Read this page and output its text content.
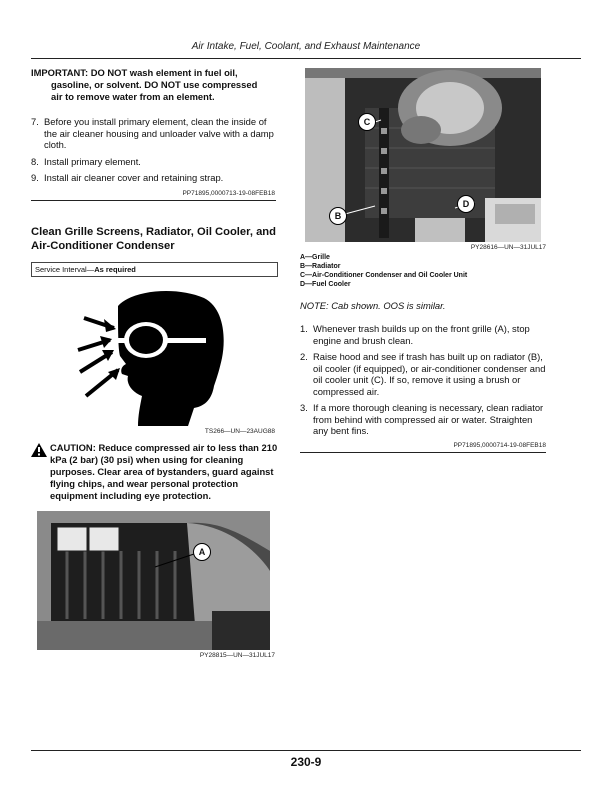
Air Intake, Fuel, Coolant, and Exhaust Maintenance
IMPORTANT: DO NOT wash element in fuel oil,
gasoline, or solvent. DO NOT use compressed
air to remove water from an element.
7. Before you install primary element, clean the inside of the air cleaner housing and unloader valve with a damp cloth.
8. Install primary element.
9. Install air cleaner cover and retaining strap.
PP71895,0000713-19-08FEB18
Clean Grille Screens, Radiator, Oil Cooler, and Air-Conditioner Condenser
Service Interval—As required
TS266—UN—23AUG88
CAUTION: Reduce compressed air to less than 210 kPa (2 bar) (30 psi) when using for cleaning purposes. Clear area of bystanders, guard against flying chips, and wear personal protection equipment including eye protection.
A
PY28815—UN—31JUL17
C
B
D
PY28616—UN—31JUL17
A—Grille
B—Radiator
C—Air-Conditioner Condenser and Oil Cooler Unit
D—Fuel Cooler
NOTE: Cab shown. OOS is similar.
1. Whenever trash builds up on the front grille (A), stop engine and brush clean.
2. Raise hood and see if trash has built up on radiator (B), oil cooler (if equipped), or air-conditioner condenser and oil cooler unit (C). If so, remove it using a brush or compressed air.
3. If a more thorough cleaning is necessary, clean radiator from behind with compressed air or water. Straighten any bent fins.
PP71895,0000714-19-08FEB18
230-9
